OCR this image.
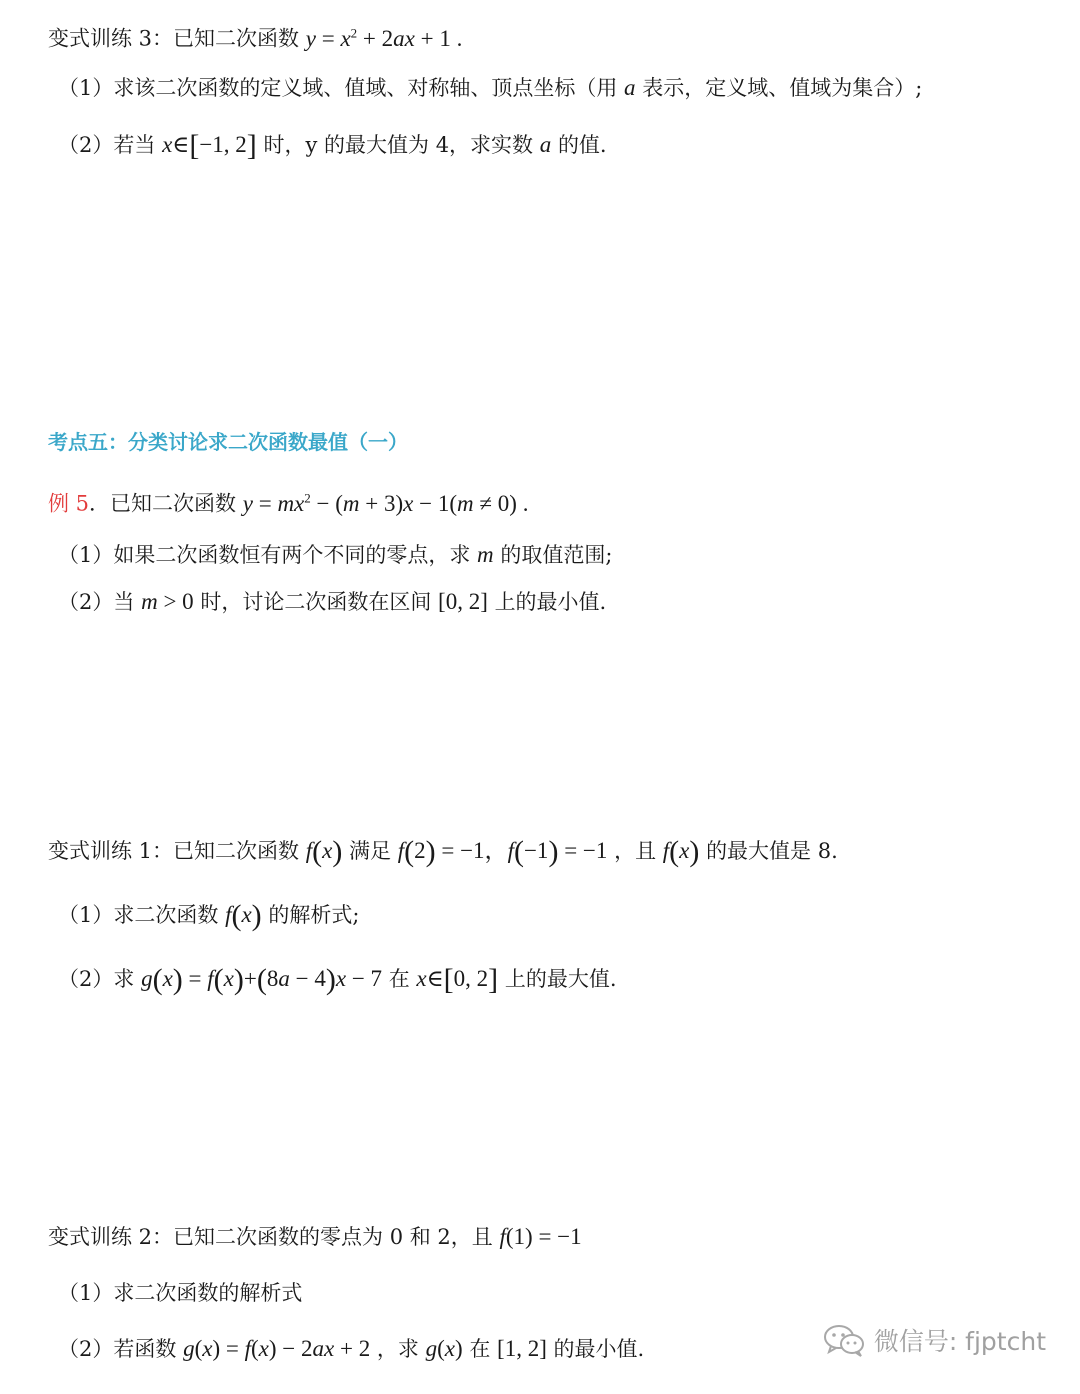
变式训练 3：已知二次函数 $y = x^2 + 2ax + 1$ .
（1）求该二次函数的定义域、值域、对称轴、顶点坐标（用 a 表示，定义域、值域为集合）;
（2）若当 x∈[−1, 2] 时，y 的最大值为 4，求实数 a 的值.
考点五：分类讨论求二次函数最值（一）
例 5．已知二次函数 $y = mx^2 - (m + 3)x - 1(m \ne 0)$ .
（1）如果二次函数恒有两个不同的零点，求 m 的取值范围;
（2）当 m > 0 时，讨论二次函数在区间 [0, 2] 上的最小值.
变式训练 1：已知二次函数 f(x) 满足 f(2) = −1，f(−1) = −1 ，且 f(x) 的最大值是 8.
（1）求二次函数 f(x) 的解析式;
（2）求 g(x) = f(x)+(8a − 4)x − 7 在 x∈[0, 2] 上的最大值.
变式训练 2：已知二次函数的零点为 0 和 2，且 f(1) = −1
（1）求二次函数的解析式
（2）若函数 g(x) = f(x) − 2ax + 2 ，求 g(x) 在 [1, 2] 的最小值.	微信号: fjptcht
